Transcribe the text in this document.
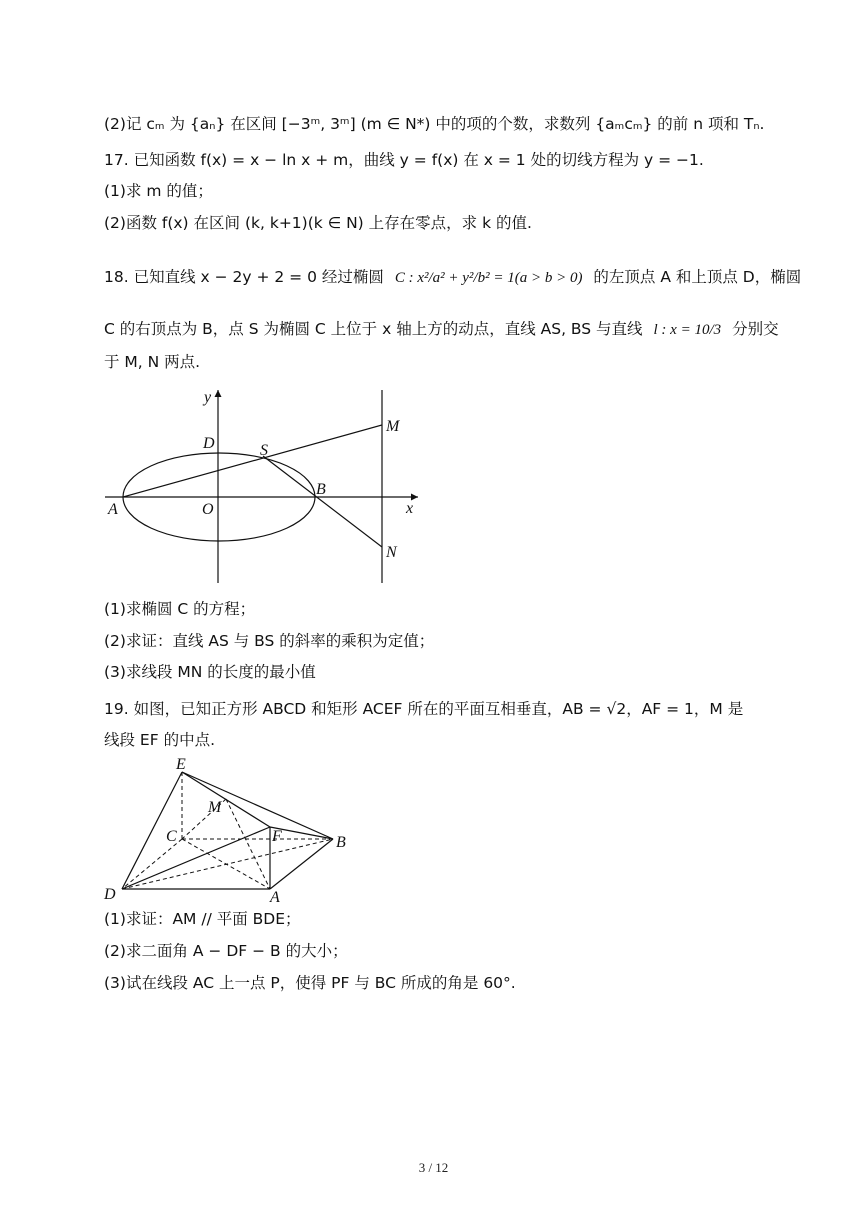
(2)记 cₘ 为 {aₙ} 在区间 [−3ᵐ, 3ᵐ] (m ∈ N*) 中的项的个数，求数列 {aₘcₘ} 的前 n 项和 Tₙ.
17. 已知函数 f(x) = x − ln x + m，曲线 y = f(x) 在 x = 1 处的切线方程为 y = −1.
(1)求 m 的值；
(2)函数 f(x) 在区间 (k, k+1)(k ∈ N) 上存在零点，求 k 的值.
18. 已知直线 x − 2y + 2 = 0 经过椭圆 C : x²/a² + y²/b² = 1(a > b > 0) 的左顶点 A 和上顶点 D，椭圆
C 的右顶点为 B，点 S 为椭圆 C 上位于 x 轴上方的动点，直线 AS, BS 与直线 l : x = 10/3 分别交
于 M, N 两点.
y
x
D	S
M
B
A	O
N
(1)求椭圆 C 的方程；
(2)求证：直线 AS 与 BS 的斜率的乘积为定值；
(3)求线段 MN 的长度的最小值
19. 如图，已知正方形 ABCD 和矩形 ACEF 所在的平面互相垂直，AB = √2，AF = 1，M 是
线段 EF 的中点.
E
M
C	F	B
D	A
(1)求证：AM // 平面 BDE；
(2)求二面角 A − DF − B 的大小；
(3)试在线段 AC 上一点 P，使得 PF 与 BC 所成的角是 60°.
3 / 12
